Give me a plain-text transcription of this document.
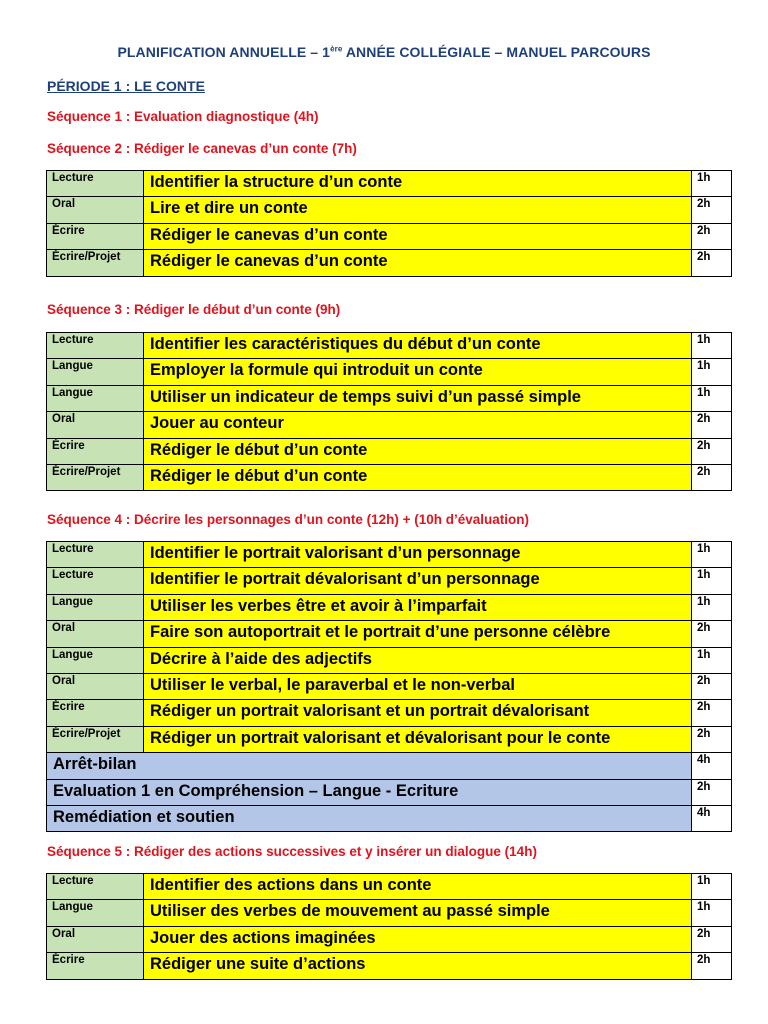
PLANIFICATION ANNUELLE – 1ère ANNÉE COLLÉGIALE – MANUEL PARCOURS
PÉRIODE 1 : LE CONTE
Séquence 1 : Evaluation diagnostique (4h)
Séquence 2 : Rédiger le canevas d’un conte (7h)
Lecture	Identifier la structure d’un conte	1h
Oral	Lire et dire un conte	2h
Écrire	Rédiger le canevas d’un conte	2h
Écrire/Projet	Rédiger le canevas d’un conte	2h
Séquence 3 : Rédiger le début d’un conte (9h)
Lecture	Identifier les caractéristiques du début d’un conte	1h
Langue	Employer la formule qui introduit un conte	1h
Langue	Utiliser un indicateur de temps suivi d’un passé simple	1h
Oral	Jouer au conteur	2h
Écrire	Rédiger le début d’un conte	2h
Écrire/Projet	Rédiger le début d’un conte	2h
Séquence 4 : Décrire les personnages d’un conte (12h) + (10h d’évaluation)
Lecture	Identifier le portrait valorisant d’un personnage	1h
Lecture	Identifier le portrait dévalorisant d’un personnage	1h
Langue	Utiliser les verbes être et avoir à l’imparfait	1h
Oral	Faire son autoportrait et le portrait d’une personne célèbre	2h
Langue	Décrire à l’aide des adjectifs	1h
Oral	Utiliser le verbal, le paraverbal et le non-verbal	2h
Écrire	Rédiger un portrait valorisant et un portrait dévalorisant	2h
Écrire/Projet	Rédiger un portrait valorisant et dévalorisant pour le conte	2h
Arrêt-bilan		4h
Evaluation 1 en Compréhension – Langue - Ecriture		2h
Remédiation et soutien		4h
Séquence 5 : Rédiger des actions successives et y insérer un dialogue (14h)
Lecture	Identifier des actions dans un conte	1h
Langue	Utiliser des verbes de mouvement au passé simple	1h
Oral	Jouer des actions imaginées	2h
Écrire	Rédiger une suite d’actions	2h
